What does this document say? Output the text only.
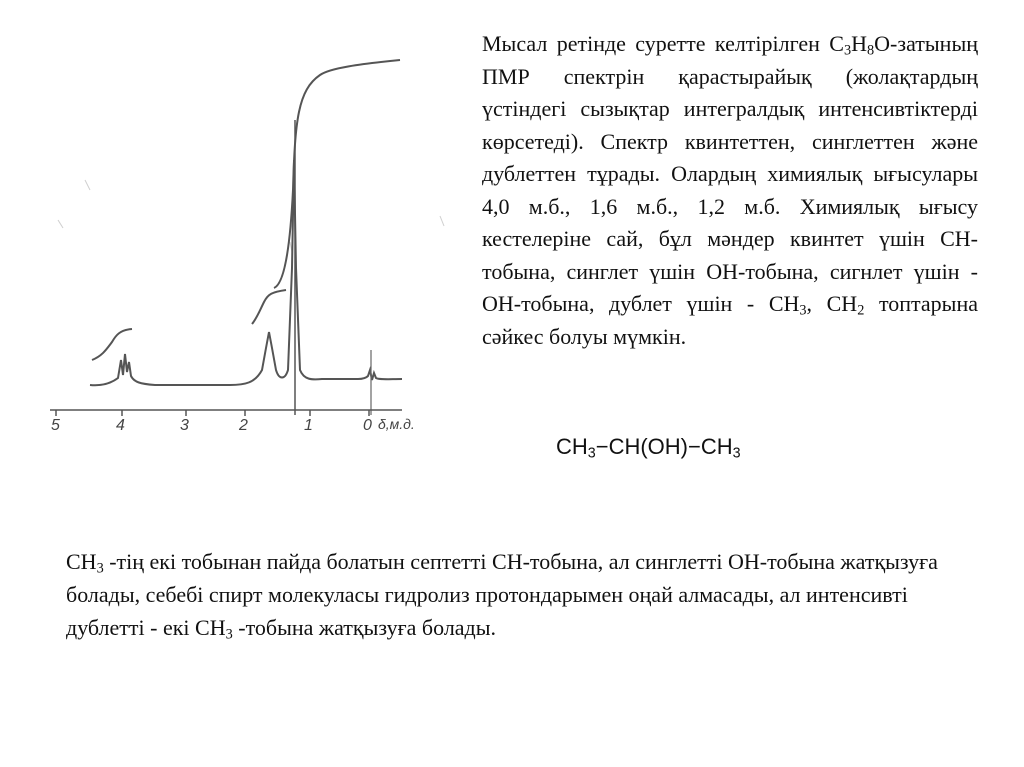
5	4	3	2	1	0 δ,м.д.

Мысал ретінде суретте келтірілген $C_3H_8O$-затының ПМР спектрін қарастырайық (жолақтардың үстіндегі сызықтар интегралдық интенсивтіктерді көрсетеді). Спектр квинтеттен, синглеттен және дублеттен тұрады. Олардың химиялық ығысулары 4,0 м.б., 1,6 м.б., 1,2 м.б. Химиялық ығысу кестелеріне сай, бұл мәндер квинтет үшін CH-тобына, синглет үшін OH-тобына, сигнлет үшін - OH-тобына, дублет үшін - $CH_3$, $CH_2$ топтарына сәйкес болуы мүмкін.

$CH_3-CH(OH)-CH_3$

$CH_3$ -тің екі тобынан пайда болатын септетті CH-тобына, ал синглетті OH-тобына жатқызуға болады, себебі спирт молекуласы гидролиз протондарымен оңай алмасады, ал интенсивті дублетті - екі $CH_3$ -тобына жатқызуға болады.
